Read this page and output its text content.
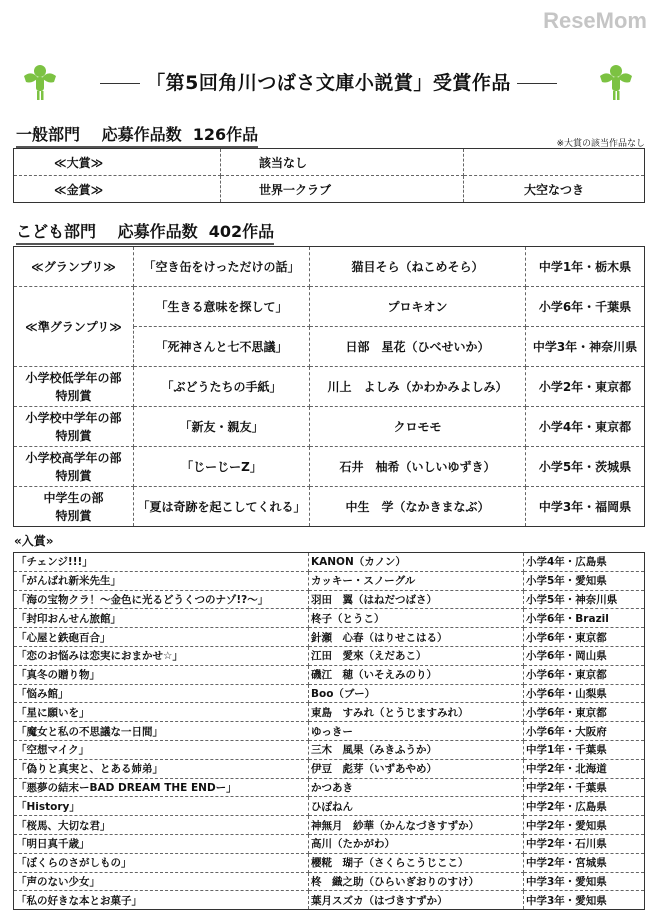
「第5回角川つばさ文庫小説賞」受賞作品
一般部門　 応募作品数  126作品	※大賞の該当作品なし
≪大賞≫	該当なし	
≪金賞≫	世界一クラブ	大空なつき
こども部門　 応募作品数  402作品
≪グランプリ≫	「空き缶をけっただけの話」	猫目そら（ねこめそら）	中学1年・栃木県
≪準グランプリ≫	「生きる意味を探して」	プロキオン	小学6年・千葉県
	「死神さんと七不思議」	日部　星花（ひべせいか）	中学3年・神奈川県
小学校低学年の部
特別賞	「ぶどうたちの手紙」	川上　よしみ（かわかみよしみ）	小学2年・東京都
小学校中学年の部
特別賞	「新友・親友」	クロモモ	小学4年・東京都
小学校高学年の部
特別賞	「じーじーZ」	石井　柚希（いしいゆずき）	小学5年・茨城県
中学生の部
特別賞	「夏は奇跡を起こしてくれる」	中生　学（なかきまなぶ）	中学3年・福岡県
«入賞»
「チェンジ!!!」	KANON（カノン）	小学4年・広島県
「がんばれ新米先生」	カッキー・スノーグル	小学5年・愛知県
「海の宝物クラ！～金色に光るどうくつのナゾ!?～」	羽田　翼（はねだつばさ）	小学5年・神奈川県
「封印おんせん旅館」	柊子（とうこ）	小学6年・Brazil
「心屋と鉄砲百合」	針瀬　心春（はりせこはる）	小学6年・東京都
「恋のお悩みは恋実におまかせ☆」	江田　愛來（えだあこ）	小学6年・岡山県
「真冬の贈り物」	磯江　穂（いそえみのり）	小学6年・東京都
「悩み館」	Boo（ブー）	小学6年・山梨県
「星に願いを」	東島　すみれ（とうじますみれ）	小学6年・東京都
「魔女と私の不思議な一日間」	ゆっきー	小学6年・大阪府
「空想マイク」	三木　風果（みきふうか）	中学1年・千葉県
「偽りと真実と、とある姉弟」	伊豆　彪芽（いずあやめ）	中学2年・北海道
「悪夢の結末ーBAD DREAM THE ENDー」	かつあき	中学2年・千葉県
「History」	ひぽねん	中学2年・広島県
「桜馬、大切な君」	神無月　紗華（かんなづきすずか）	中学2年・愛知県
「明日真千歳」	高川（たかがわ）	中学2年・石川県
「ぼくらのさがしもの」	櫻糀　瑚子（さくらこうじここ）	中学2年・宮城県
「声のない少女」	柊　織之助（ひらいぎおりのすけ）	中学3年・愛知県
「私の好きな本とお菓子」	葉月スズカ（はづきすずか）	中学3年・愛知県
ReseMom
